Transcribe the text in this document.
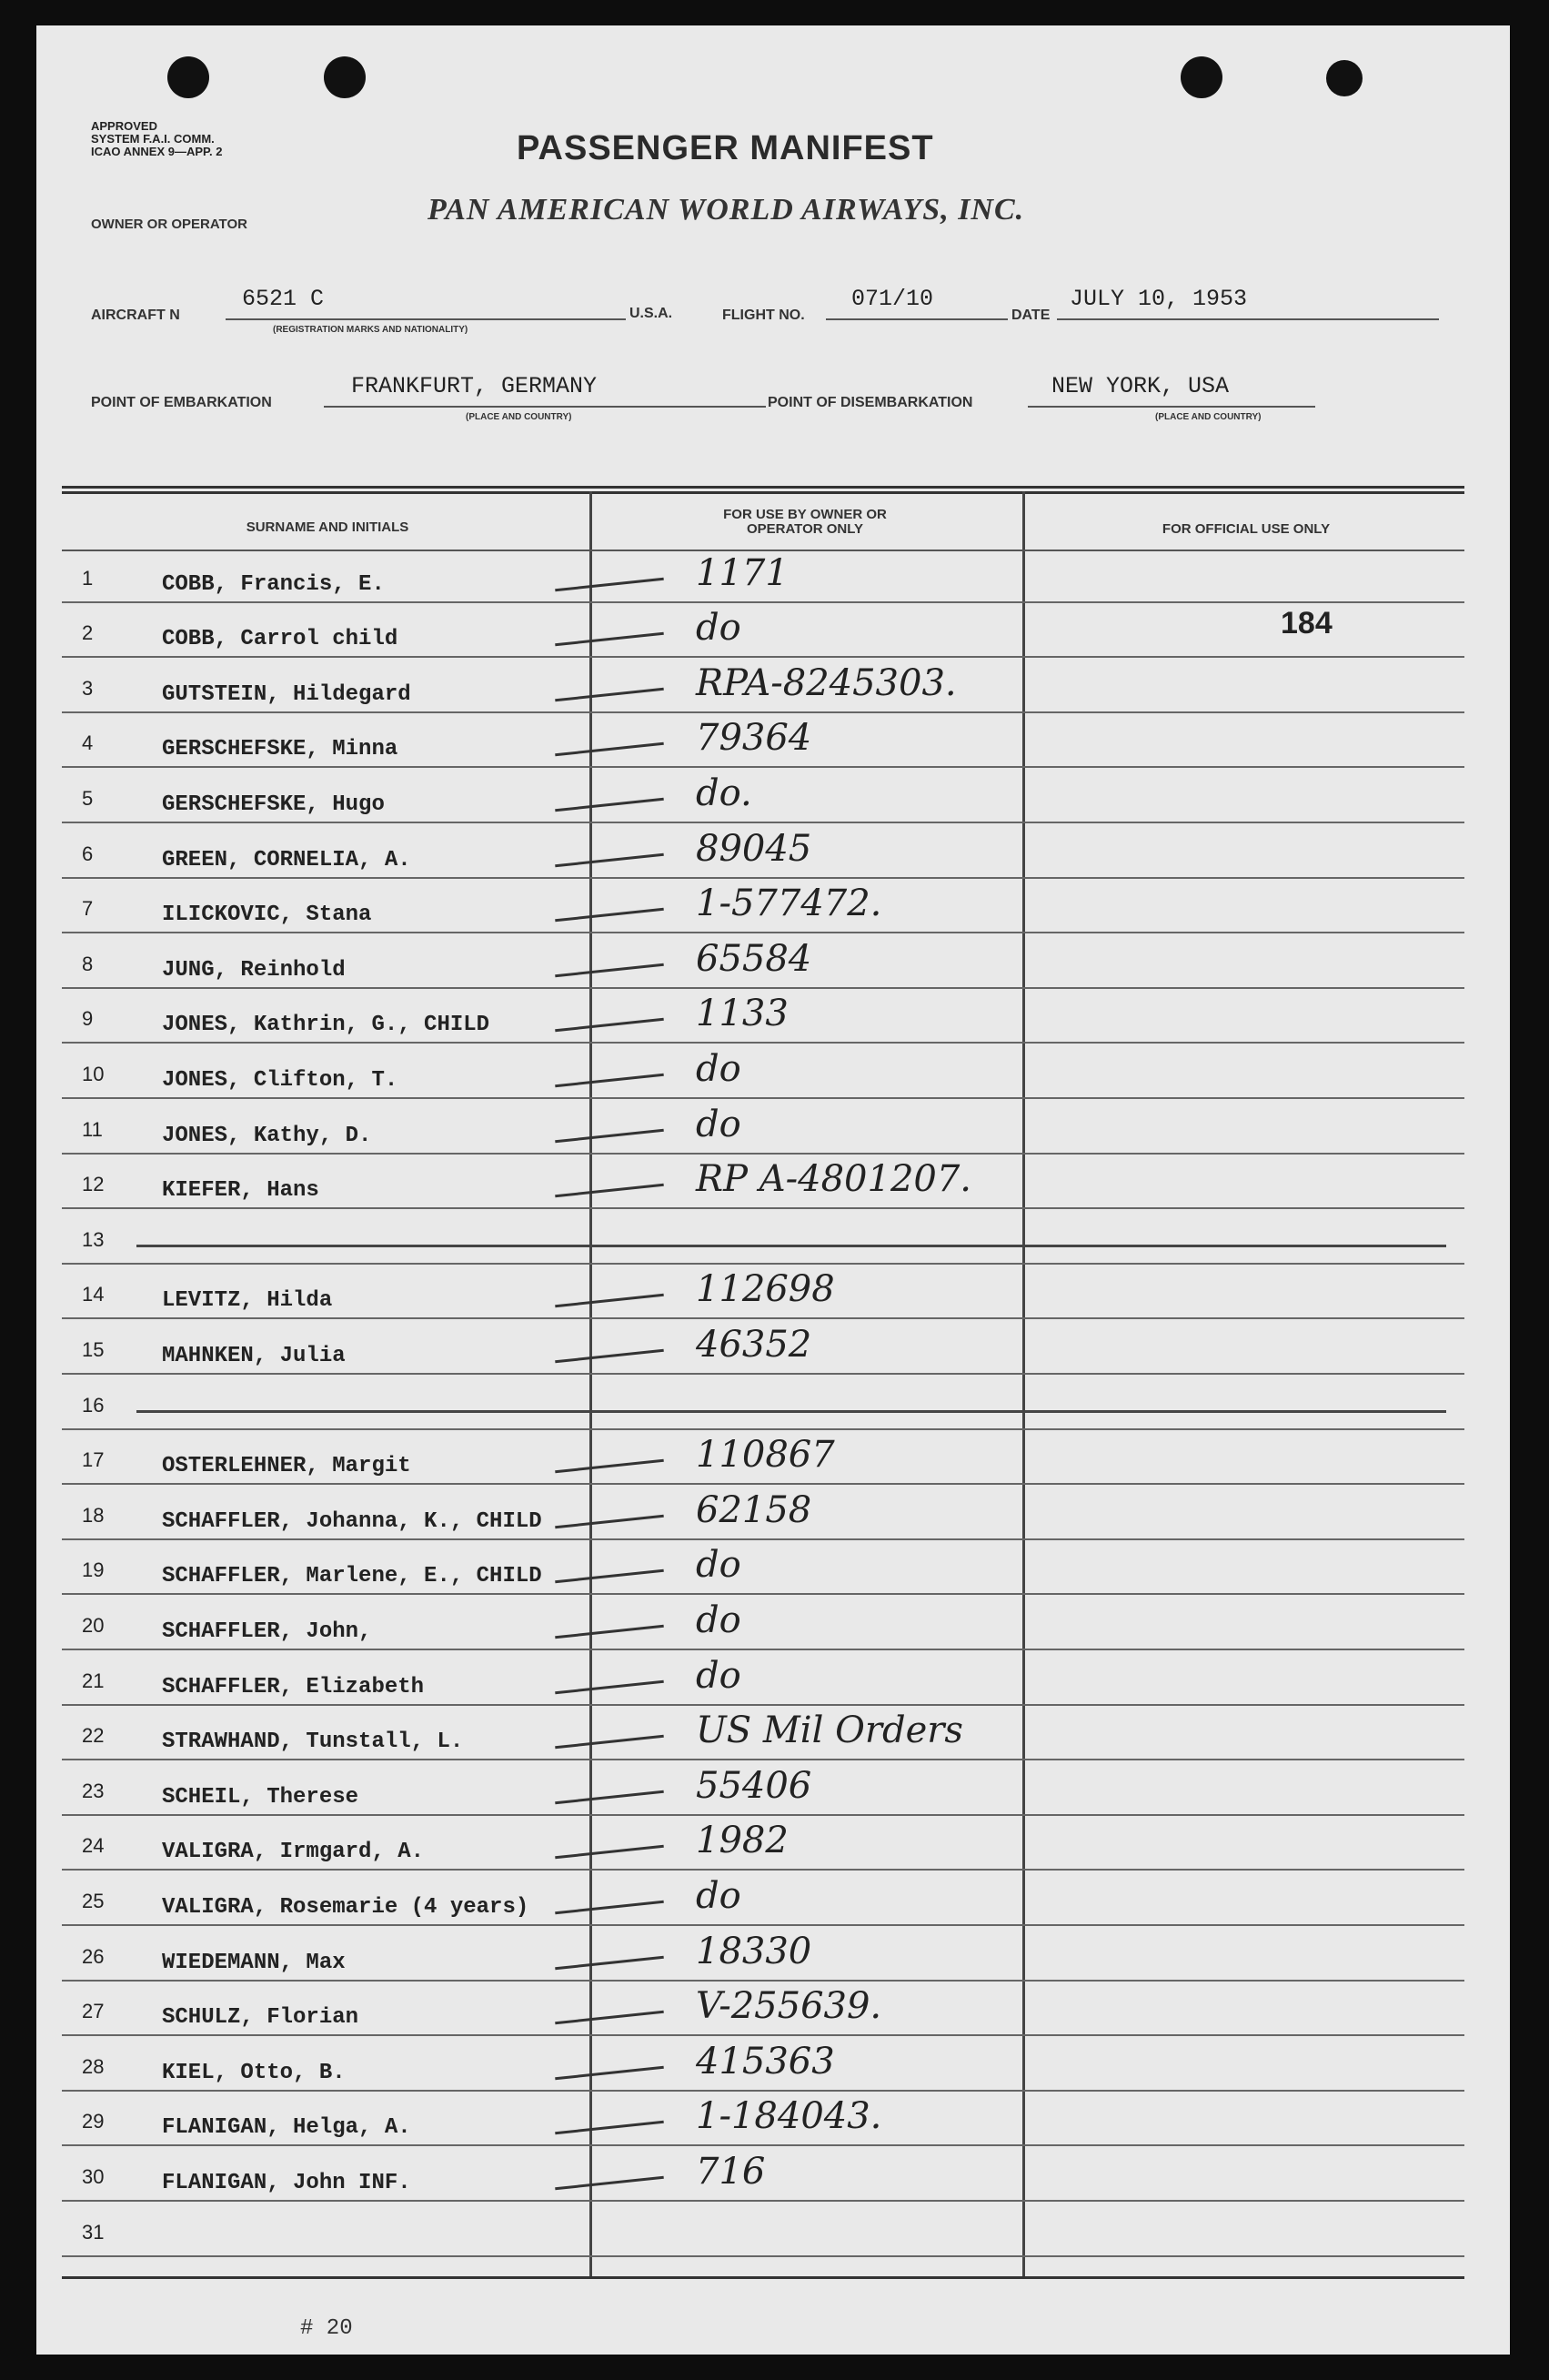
APPROVED
SYSTEM F.A.I. COMM.
ICAO ANNEX 9—APP. 2	PASSENGER MANIFEST
OWNER OR OPERATOR	PAN AMERICAN WORLD AIRWAYS, INC.
AIRCRAFT N
6521 C
(REGISTRATION MARKS AND NATIONALITY)
U.S.A.	FLIGHT NO.
071/10
DATE
JULY 10, 1953
POINT OF EMBARKATION
FRANKFURT, GERMANY
(PLACE AND COUNTRY)
POINT OF DISEMBARKATION
NEW YORK, USA
(PLACE AND COUNTRY)
SURNAME AND INITIALS
FOR USE BY OWNER OR OPERATOR ONLY	FOR OFFICIAL USE ONLY
184
1	COBB, Francis, E.	1171
2	COBB, Carrol child	do
3	GUTSTEIN, Hildegard	RPA-8245303.
4	GERSCHEFSKE, Minna	79364
5	GERSCHEFSKE, Hugo	do.
6	GREEN, CORNELIA, A.	89045
7	ILICKOVIC, Stana	1-577472.
8	JUNG, Reinhold	65584
9	JONES, Kathrin, G., CHILD	1133
10	JONES, Clifton, T.	do
11	JONES, Kathy, D.	do
12	KIEFER, Hans	RP A-4801207.
13
14	LEVITZ, Hilda	112698
15	MAHNKEN, Julia	46352
16
17	OSTERLEHNER, Margit	110867
18	SCHAFFLER, Johanna, K., CHILD	62158
19	SCHAFFLER, Marlene, E., CHILD	do
20	SCHAFFLER, John,	do
21	SCHAFFLER, Elizabeth	do
22	STRAWHAND, Tunstall, L.	US Mil Orders
23	SCHEIL, Therese	55406
24	VALIGRA, Irmgard, A.	1982
25	VALIGRA, Rosemarie (4 years)	do
26	WIEDEMANN, Max	18330
27	SCHULZ, Florian	V-255639.
28	KIEL, Otto, B.	415363
29	FLANIGAN, Helga, A.	1-184043.
30	FLANIGAN, John INF.	716
31
# 20
